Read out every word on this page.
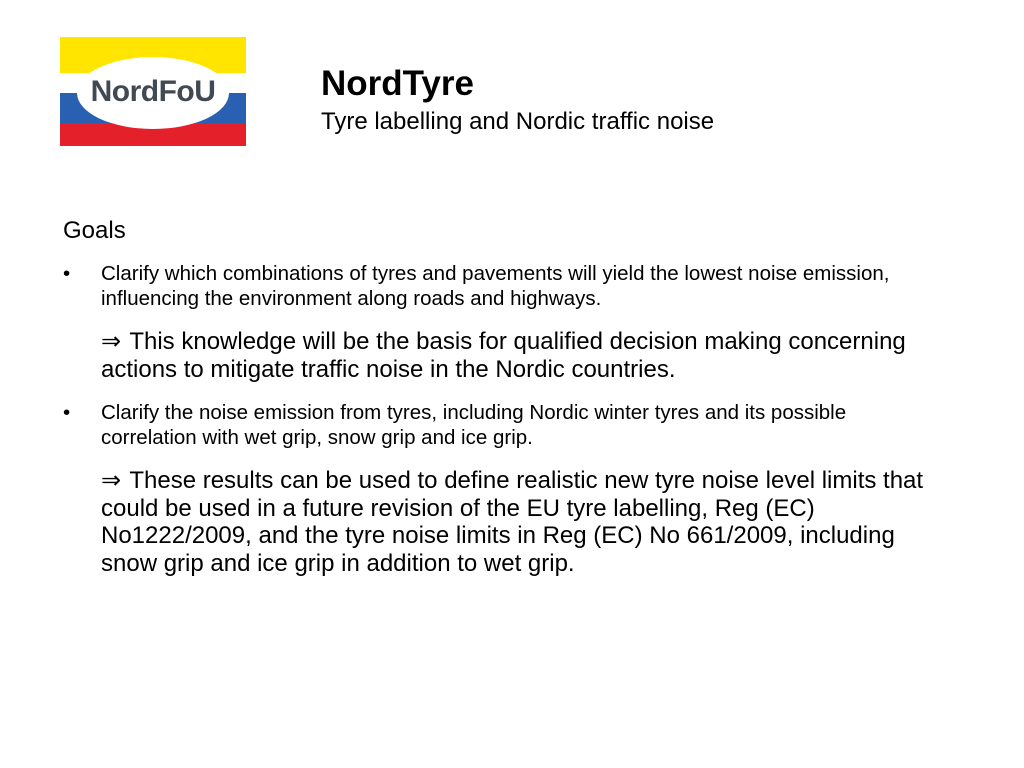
NordFoU	NordTyre

Tyre labelling and Nordic traffic noise

Goals

•	Clarify which combinations of tyres and pavements will yield the lowest noise emission, influencing the environment along roads and highways.
⇒ This knowledge will be the basis for qualified decision making concerning actions to mitigate traffic noise in the Nordic countries.
•	Clarify the noise emission from tyres, including Nordic winter tyres and its possible correlation with wet grip, snow grip and ice grip.
⇒ These results can be used to define realistic new tyre noise level limits that could be used in a future revision of the EU tyre labelling, Reg (EC) No1222/2009, and the tyre noise limits in Reg (EC) No 661/2009, including snow grip and ice grip in addition to wet grip.
